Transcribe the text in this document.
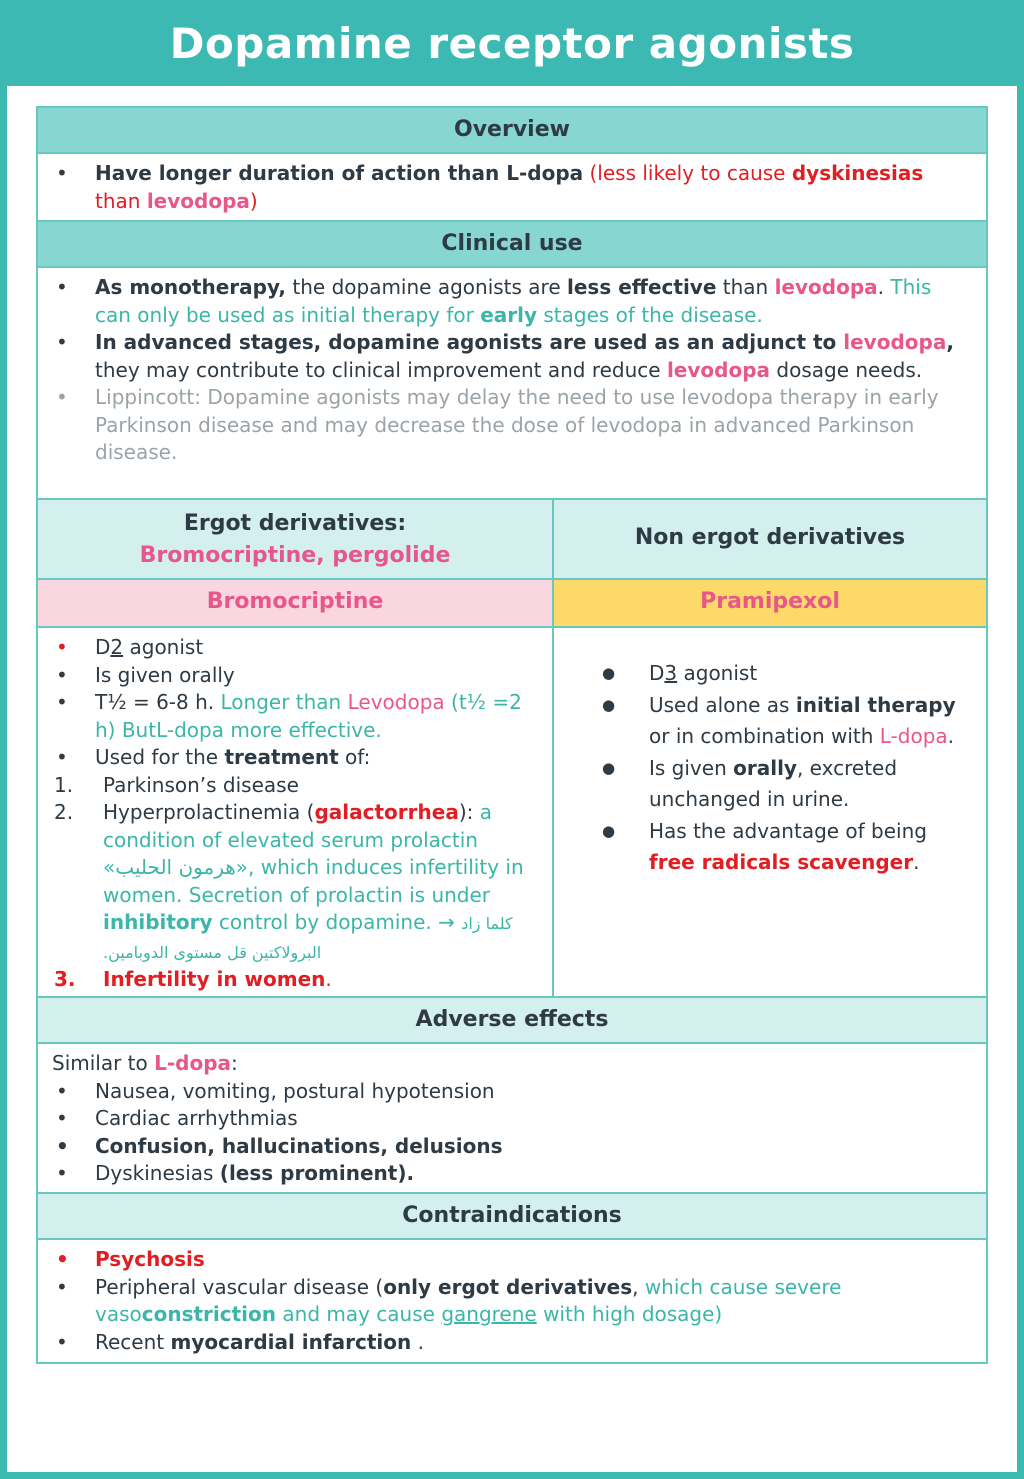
Dopamine receptor agonists
Overview
• Have longer duration of action than L-dopa (less likely to cause dyskinesias than levodopa)
Clinical use
• As monotherapy, the dopamine agonists are less effective than levodopa. This can only be used as initial therapy for early stages of the disease.
• In advanced stages, dopamine agonists are used as an adjunct to levodopa, they may contribute to clinical improvement and reduce levodopa dosage needs.
• Lippincott: Dopamine agonists may delay the need to use levodopa therapy in early Parkinson disease and may decrease the dose of levodopa in advanced Parkinson disease.
Ergot derivatives:
Bromocriptine, pergolide
Non ergot derivatives
Bromocriptine	Pramipexol
• D2 agonist
• Is given orally
• T½ = 6-8 h. Longer than Levodopa (t½ =2 h) ButL-dopa more effective.
• Used for the treatment of:
1. Parkinson’s disease
2. Hyperprolactinemia (galactorrhea): a condition of elevated serum prolactin «هرمون الحليب», which induces infertility in women. Secretion of prolactin is under inhibitory control by dopamine. → كلما زاد البرولاكتين قل مستوى الدوبامين.
3. Infertility in women.
● D3 agonist
● Used alone as initial therapy or in combination with L-dopa.
● Is given orally, excreted unchanged in urine.
● Has the advantage of being free radicals scavenger.
Adverse effects
Similar to L-dopa:
• Nausea, vomiting, postural hypotension
• Cardiac arrhythmias
• Confusion, hallucinations, delusions
• Dyskinesias (less prominent).
Contraindications
• Psychosis
• Peripheral vascular disease (only ergot derivatives, which cause severe vasoconstriction and may cause gangrene with high dosage)
• Recent myocardial infarction .
